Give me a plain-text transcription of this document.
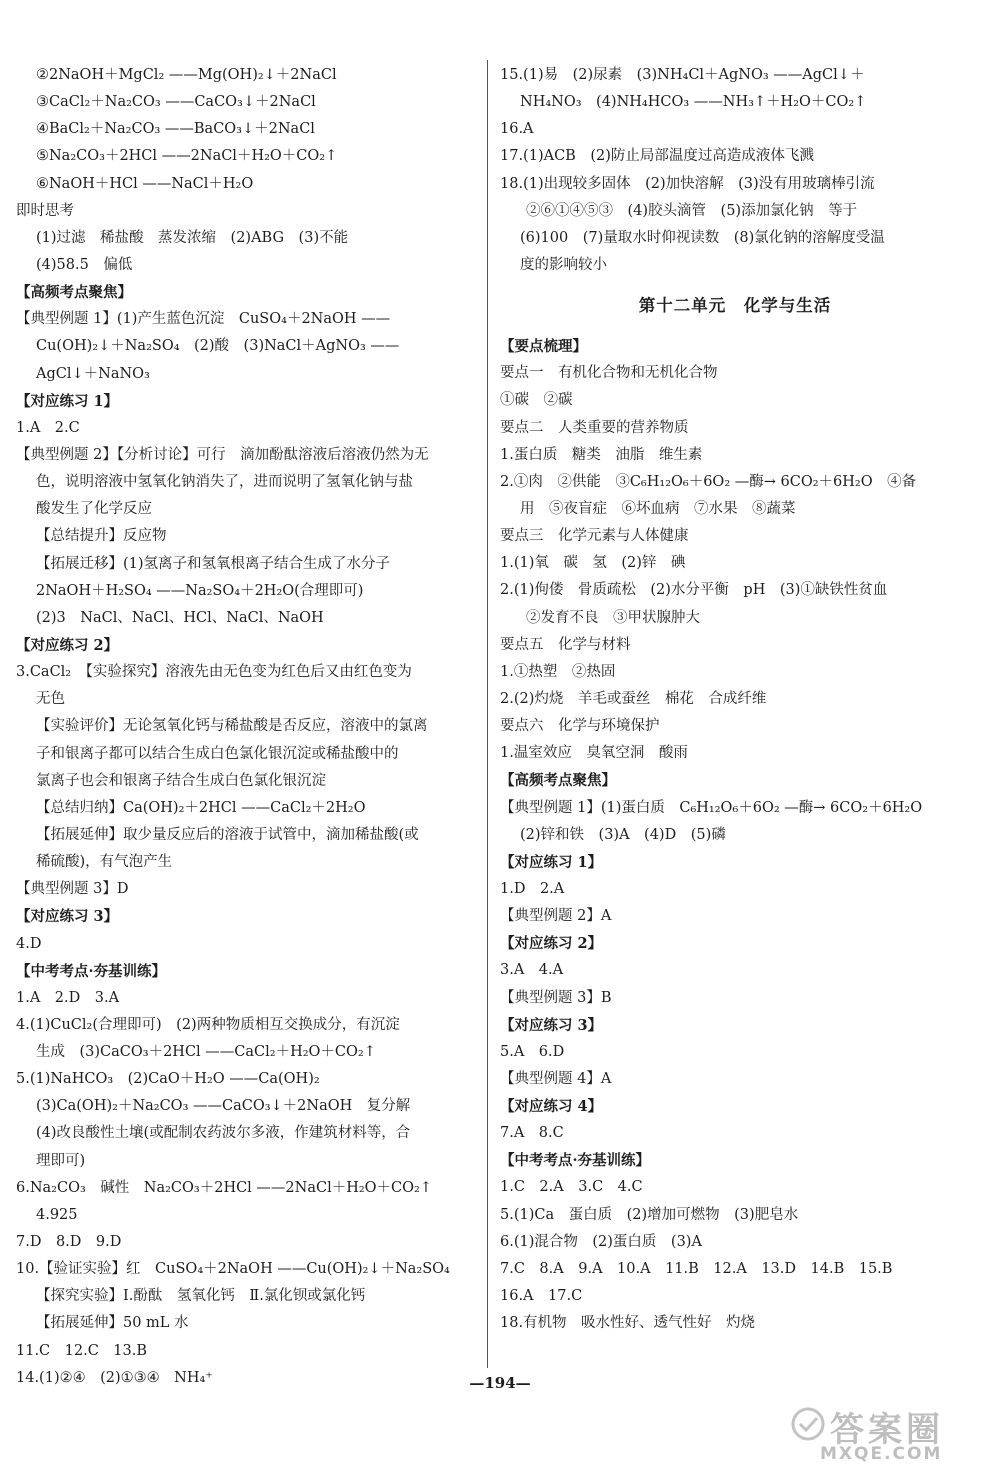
②2NaOH＋MgCl₂ ——Mg(OH)₂↓＋2NaCl
③CaCl₂＋Na₂CO₃ ——CaCO₃↓＋2NaCl
④BaCl₂＋Na₂CO₃ ——BaCO₃↓＋2NaCl
⑤Na₂CO₃＋2HCl ——2NaCl＋H₂O＋CO₂↑
⑥NaOH＋HCl ——NaCl＋H₂O
即时思考
(1)过滤　稀盐酸　蒸发浓缩　(2)ABG　(3)不能
(4)58.5　偏低
【高频考点聚焦】
【典型例题 1】(1)产生蓝色沉淀　CuSO₄＋2NaOH ——
Cu(OH)₂↓＋Na₂SO₄　(2)酸　(3)NaCl＋AgNO₃ ——
AgCl↓＋NaNO₃
【对应练习 1】
1.A　2.C
【典型例题 2】【分析讨论】可行　滴加酚酞溶液后溶液仍然为无
色，说明溶液中氢氧化钠消失了，进而说明了氢氧化钠与盐
酸发生了化学反应
【总结提升】反应物
【拓展迁移】(1)氢离子和氢氧根离子结合生成了水分子
2NaOH＋H₂SO₄ ——Na₂SO₄＋2H₂O(合理即可)
(2)3　NaCl、NaCl、HCl、NaCl、NaOH
【对应练习 2】
3.CaCl₂　【实验探究】溶液先由无色变为红色后又由红色变为
无色
【实验评价】无论氢氧化钙与稀盐酸是否反应，溶液中的氯离
子和银离子都可以结合生成白色氯化银沉淀或稀盐酸中的
氯离子也会和银离子结合生成白色氯化银沉淀
【总结归纳】Ca(OH)₂＋2HCl ——CaCl₂＋2H₂O
【拓展延伸】取少量反应后的溶液于试管中，滴加稀盐酸(或
稀硫酸)，有气泡产生
【典型例题 3】D
【对应练习 3】
4.D
【中考考点·夯基训练】
1.A　2.D　3.A
4.(1)CuCl₂(合理即可)　(2)两种物质相互交换成分，有沉淀
生成　(3)CaCO₃＋2HCl ——CaCl₂＋H₂O＋CO₂↑
5.(1)NaHCO₃　(2)CaO＋H₂O ——Ca(OH)₂
(3)Ca(OH)₂＋Na₂CO₃ ——CaCO₃↓＋2NaOH　复分解
(4)改良酸性土壤(或配制农药波尔多液，作建筑材料等，合
理即可)
6.Na₂CO₃　碱性　Na₂CO₃＋2HCl ——2NaCl＋H₂O＋CO₂↑
4.925
7.D　8.D　9.D
10.【验证实验】红　CuSO₄＋2NaOH ——Cu(OH)₂↓＋Na₂SO₄
【探究实验】Ⅰ.酚酞　氢氧化钙　Ⅱ.氯化钡或氯化钙
【拓展延伸】50 mL 水
11.C　12.C　13.B
14.(1)②④　(2)①③④　NH₄⁺
15.(1)易　(2)尿素　(3)NH₄Cl＋AgNO₃ ——AgCl↓＋
NH₄NO₃　(4)NH₄HCO₃ ——NH₃↑＋H₂O＋CO₂↑
16.A
17.(1)ACB　(2)防止局部温度过高造成液体飞溅
18.(1)出现较多固体　(2)加快溶解　(3)没有用玻璃棒引流
②⑥①④⑤③　(4)胶头滴管　(5)添加氯化钠　等于
(6)100　(7)量取水时仰视读数　(8)氯化钠的溶解度受温
度的影响较小
第十二单元　化学与生活
【要点梳理】
要点一　有机化合物和无机化合物
①碳　②碳
要点二　人类重要的营养物质
1.蛋白质　糖类　油脂　维生素
2.①肉　②供能　③C₆H₁₂O₆＋6O₂ —酶→ 6CO₂＋6H₂O　④备
用　⑤夜盲症　⑥坏血病　⑦水果　⑧蔬菜
要点三　化学元素与人体健康
1.(1)氧　碳　氢　(2)锌　碘
2.(1)佝偻　骨质疏松　(2)水分平衡　pH　(3)①缺铁性贫血
②发育不良　③甲状腺肿大
要点五　化学与材料
1.①热塑　②热固
2.(2)灼烧　羊毛或蚕丝　棉花　合成纤维
要点六　化学与环境保护
1.温室效应　臭氧空洞　酸雨
【高频考点聚焦】
【典型例题 1】(1)蛋白质　C₆H₁₂O₆＋6O₂ —酶→ 6CO₂＋6H₂O
(2)锌和铁　(3)A　(4)D　(5)磷
【对应练习 1】
1.D　2.A
【典型例题 2】A
【对应练习 2】
3.A　4.A
【典型例题 3】B
【对应练习 3】
5.A　6.D
【典型例题 4】A
【对应练习 4】
7.A　8.C
【中考考点·夯基训练】
1.C　2.A　3.C　4.C
5.(1)Ca　蛋白质　(2)增加可燃物　(3)肥皂水
6.(1)混合物　(2)蛋白质　(3)A
7.C　8.A　9.A　10.A　11.B　12.A　13.D　14.B　15.B
16.A　17.C
18.有机物　吸水性好、透气性好　灼烧
—194—
答案圈
MXQE.COM
